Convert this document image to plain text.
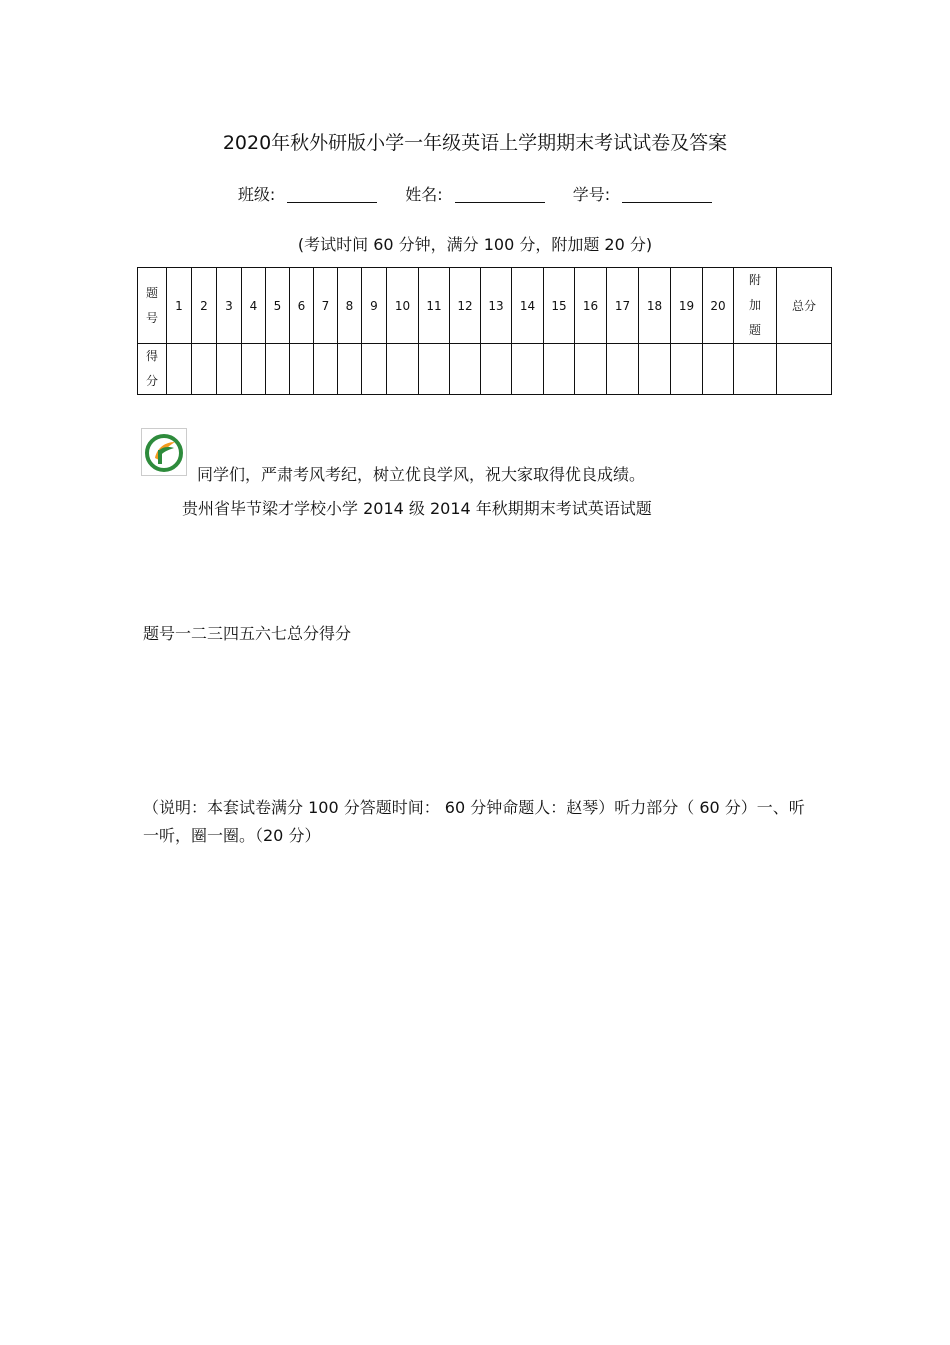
2020年秋外研版小学一年级英语上学期期末考试试卷及答案
班级:	姓名:	学号:
(考试时间 60 分钟，满分 100 分，附加题 20 分)
题
号	1	2	3	4	5	6	7	8	9	10	11	12	13	14	15	16	17	18	19	20	附
加
题	总分

得
分																						

同学们，严肃考风考纪，树立优良学风，祝大家取得优良成绩。
贵州省毕节梁才学校小学 2014 级 2014 年秋期期末考试英语试题
题号一二三四五六七总分得分
（说明：本套试卷满分 100 分答题时间： 60 分钟命题人：赵琴）听力部分（ 60 分）一、听一听，圈一圈。（20 分）
